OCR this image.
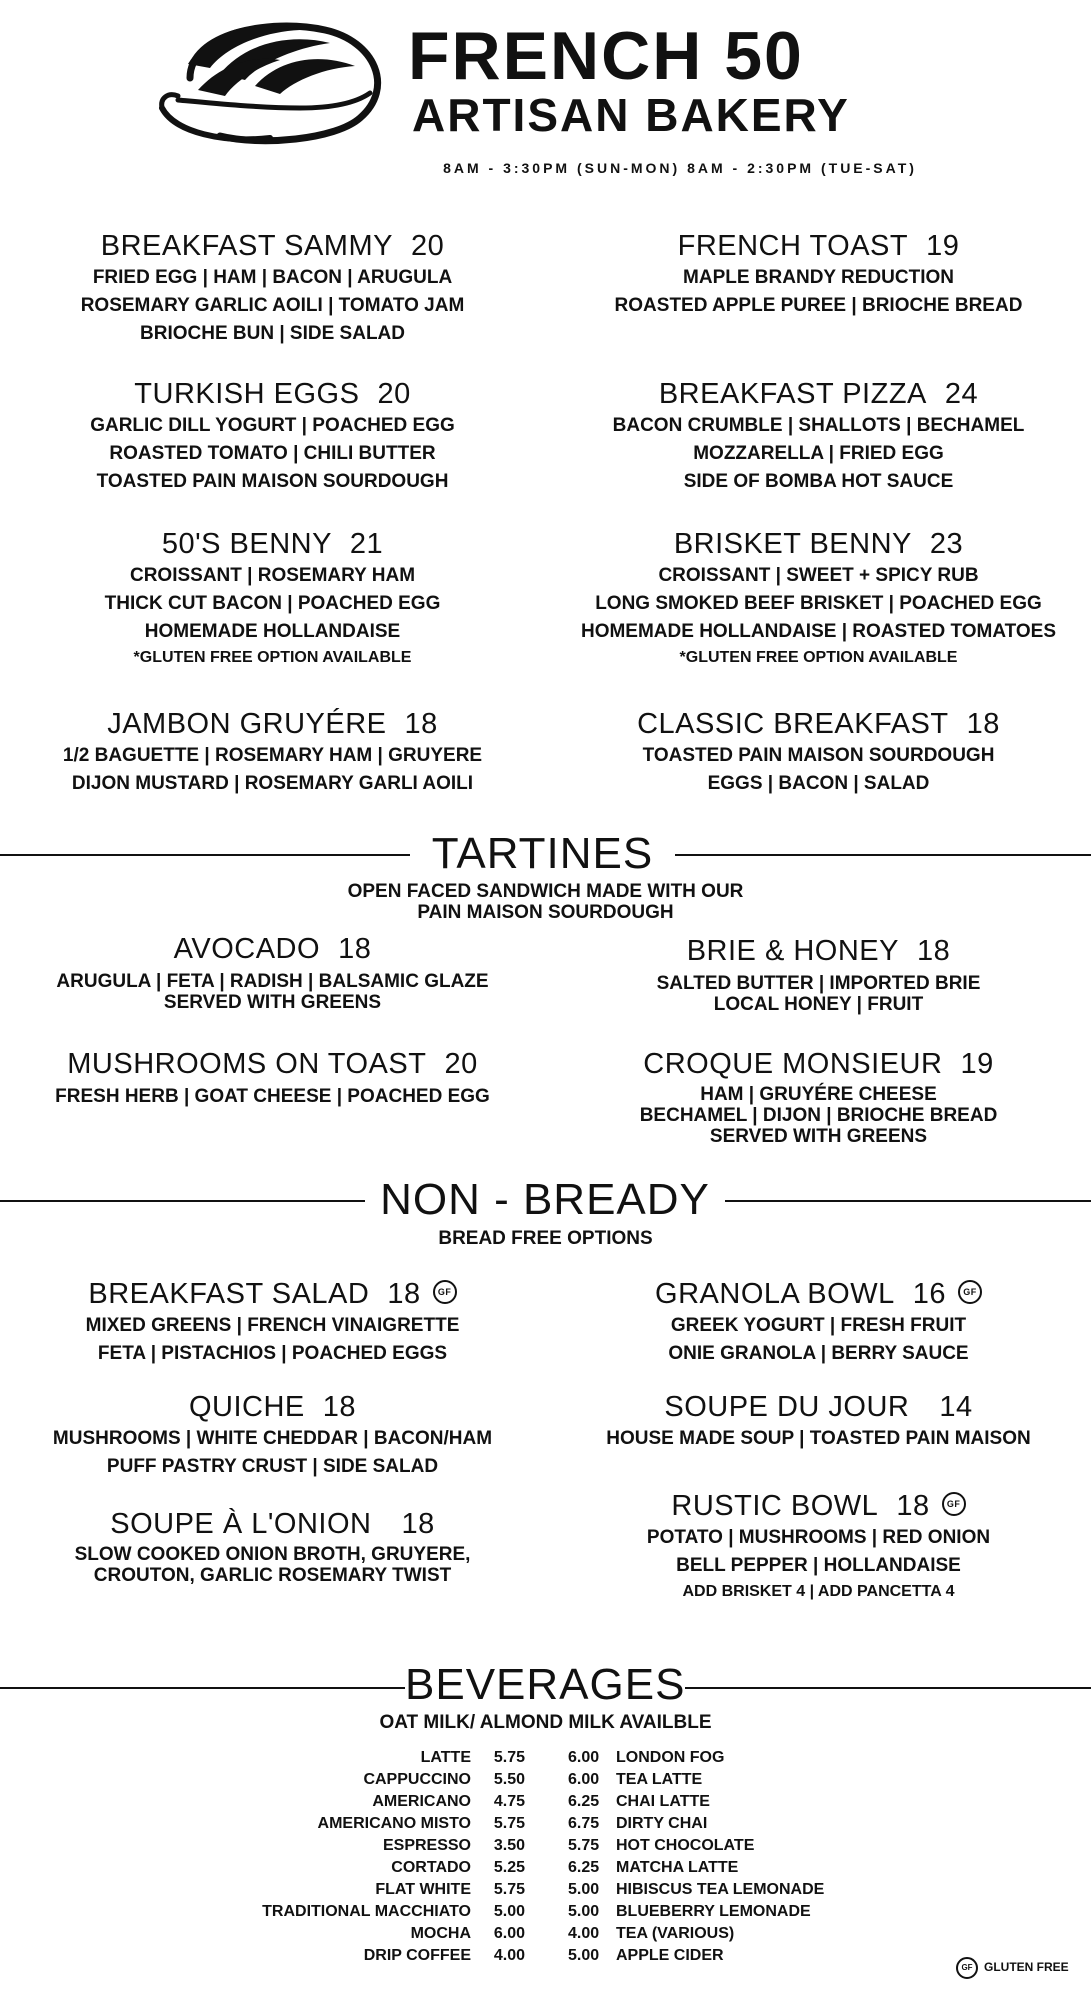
FRENCH 50
ARTISAN BAKERY
8AM - 3:30PM (SUN-MON) 8AM - 2:30PM (TUE-SAT)
BREAKFAST SAMMY 20
FRIED EGG | HAM | BACON | ARUGULA
ROSEMARY GARLIC AOILI | TOMATO JAM
BRIOCHE BUN | SIDE SALAD
TURKISH EGGS 20
GARLIC DILL YOGURT | POACHED EGG
ROASTED TOMATO | CHILI BUTTER
TOASTED PAIN MAISON SOURDOUGH
50'S BENNY 21
CROISSANT | ROSEMARY HAM
THICK CUT BACON | POACHED EGG
HOMEMADE HOLLANDAISE
*GLUTEN FREE OPTION AVAILABLE
JAMBON GRUYÉRE 18
1/2 BAGUETTE | ROSEMARY HAM | GRUYERE
DIJON MUSTARD | ROSEMARY GARLI AOILI
FRENCH TOAST 19
MAPLE BRANDY REDUCTION
ROASTED APPLE PUREE | BRIOCHE BREAD
BREAKFAST PIZZA 24
BACON CRUMBLE | SHALLOTS | BECHAMEL
MOZZARELLA | FRIED EGG
SIDE OF BOMBA HOT SAUCE
BRISKET BENNY 23
CROISSANT | SWEET + SPICY RUB
LONG SMOKED BEEF BRISKET | POACHED EGG
HOMEMADE HOLLANDAISE | ROASTED TOMATOES
*GLUTEN FREE OPTION AVAILABLE
CLASSIC BREAKFAST 18
TOASTED PAIN MAISON SOURDOUGH
EGGS | BACON | SALAD
TARTINES
OPEN FACED SANDWICH MADE WITH OUR
PAIN MAISON SOURDOUGH
AVOCADO 18
ARUGULA | FETA | RADISH | BALSAMIC GLAZE
SERVED WITH GREENS
MUSHROOMS ON TOAST 20
FRESH HERB | GOAT CHEESE | POACHED EGG
BRIE & HONEY 18
SALTED BUTTER | IMPORTED BRIE
LOCAL HONEY | FRUIT
CROQUE MONSIEUR 19
HAM | GRUYÉRE CHEESE
BECHAMEL | DIJON | BRIOCHE BREAD
SERVED WITH GREENS
NON - BREADY
BREAD FREE OPTIONS
BREAKFAST SALAD 18 GF
MIXED GREENS | FRENCH VINAIGRETTE
FETA | PISTACHIOS | POACHED EGGS
QUICHE 18
MUSHROOMS | WHITE CHEDDAR | BACON/HAM
PUFF PASTRY CRUST | SIDE SALAD
SOUPE À L'ONION 18
SLOW COOKED ONION BROTH, GRUYERE,
CROUTON, GARLIC ROSEMARY TWIST
GRANOLA BOWL 16 GF
GREEK YOGURT | FRESH FRUIT
ONIE GRANOLA | BERRY SAUCE
SOUPE DU JOUR 14
HOUSE MADE SOUP | TOASTED PAIN MAISON
RUSTIC BOWL 18 GF
POTATO | MUSHROOMS | RED ONION
BELL PEPPER | HOLLANDAISE
ADD BRISKET 4 | ADD PANCETTA 4
BEVERAGES
OAT MILK/ ALMOND MILK AVAILBLE
LATTE 5.75
CAPPUCCINO 5.50
AMERICANO 4.75
AMERICANO MISTO 5.75
ESPRESSO 3.50
CORTADO 5.25
FLAT WHITE 5.75
TRADITIONAL MACCHIATO 5.00
MOCHA 6.00
DRIP COFFEE 4.00
6.00 LONDON FOG
6.00 TEA LATTE
6.25 CHAI LATTE
6.75 DIRTY CHAI
5.75 HOT CHOCOLATE
6.25 MATCHA LATTE
5.00 HIBISCUS TEA LEMONADE
5.00 BLUEBERRY LEMONADE
4.00 TEA (VARIOUS)
5.00 APPLE CIDER
GF GLUTEN FREE
